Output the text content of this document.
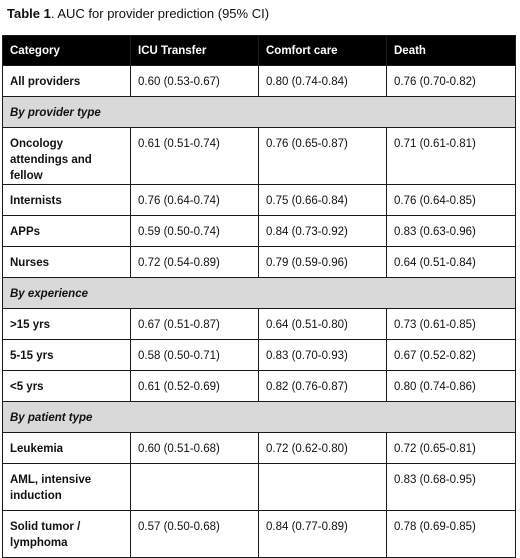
Table 1. AUC for provider prediction (95% CI)
Category	ICU Transfer	Comfort care	Death
All providers	0.60 (0.53-0.67)	0.80 (0.74-0.84)	0.76 (0.70-0.82)
By provider type			
Oncology attendings and fellow	0.61 (0.51-0.74)	0.76 (0.65-0.87)	0.71 (0.61-0.81)
Internists	0.76 (0.64-0.74)	0.75 (0.66-0.84)	0.76 (0.64-0.85)
APPs	0.59 (0.50-0.74)	0.84 (0.73-0.92)	0.83 (0.63-0.96)
Nurses	0.72 (0.54-0.89)	0.79 (0.59-0.96)	0.64 (0.51-0.84)
By experience			
>15 yrs	0.67 (0.51-0.87)	0.64 (0.51-0.80)	0.73 (0.61-0.85)
5-15 yrs	0.58 (0.50-0.71)	0.83 (0.70-0.93)	0.67 (0.52-0.82)
<5 yrs	0.61 (0.52-0.69)	0.82 (0.76-0.87)	0.80 (0.74-0.86)
By patient type			
Leukemia	0.60 (0.51-0.68)	0.72 (0.62-0.80)	0.72 (0.65-0.81)
AML, intensive induction			0.83 (0.68-0.95)
Solid tumor / lymphoma	0.57 (0.50-0.68)	0.84 (0.77-0.89)	0.78 (0.69-0.85)
